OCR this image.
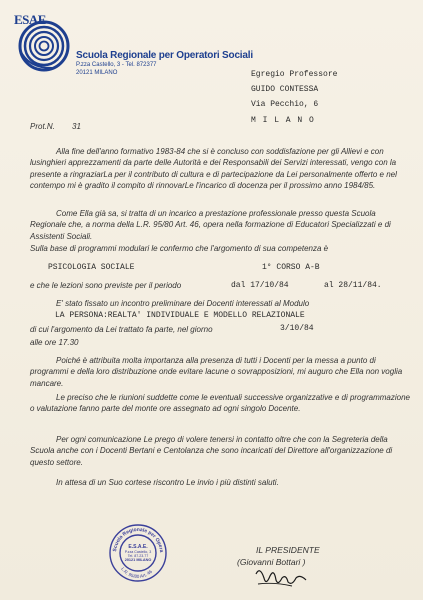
ESAE
Scuola Regionale per Operatori Sociali
P.zza Castello, 3 - Tel. 872377
20121 MILANO	Egregio Professore
GUIDO CONTESSA
Via Pecchio, 6
M I L A N O
Prot.N. 31
Alla fine dell'anno formativo 1983-84 che si è concluso con soddisfazione per gli Allievi e con lusinghieri apprezzamenti da parte delle Autorità e dei Responsabili dei Servizi interessati, vengo con la presente a ringraziarLa per il contributo di cultura e di partecipazione da Lei personalmente offerto e nel contempo mi è gradito il compito di rinnovarLe l'incarico di docenza per il prossimo anno 1984/85.
Come Ella già sa, si tratta di un incarico a prestazione professionale presso questa Scuola Regionale che, a norma della L.R. 95/80 Art. 46, opera nella formazione di Educatori Specializzati e di Assistenti Sociali.
Sulla base di programmi modulari le confermo che l'argomento di sua competenza è
PSICOLOGIA SOCIALE	1° CORSO A-B
e che le lezioni sono previste per il periodo	dal 17/10/84	al 28/11/84.
E' stato fissato un incontro preliminare dei Docenti interessati al Modulo
LA PERSONA:REALTA' INDIVIDUALE E MODELLO RELAZIONALE
di cui l'argomento da Lei trattato fa parte, nel giorno	3/10/84
alle ore 17.30
Poiché è attribuita molta importanza alla presenza di tutti i Docenti per la messa a punto di programmi e della loro distribuzione onde evitare lacune o sovrapposizioni, mi auguro che Ella non voglia mancare.
Le preciso che le riunioni suddette come le eventuali successive organizzative e di programmazione o valutazione fanno parte del monte ore assegnato ad ogni singolo Docente.
Per ogni comunicazione Le prego di volere tenersi in contatto oltre che con la Segreteria della Scuola anche con i Docenti Bertani e Centolanza che sono incaricati del Direttore all'organizzazione di questo settore.
In attesa di un Suo cortese riscontro Le invio i più distinti saluti.
IL PRESIDENTE
(Giovanni Bottari )
Scuola Regionale per Opera
L.R. 95/80 Art. 46
E.S.A.E.
P.zza Castello, 3
Tel. 87.23.77
20121 MILANO
